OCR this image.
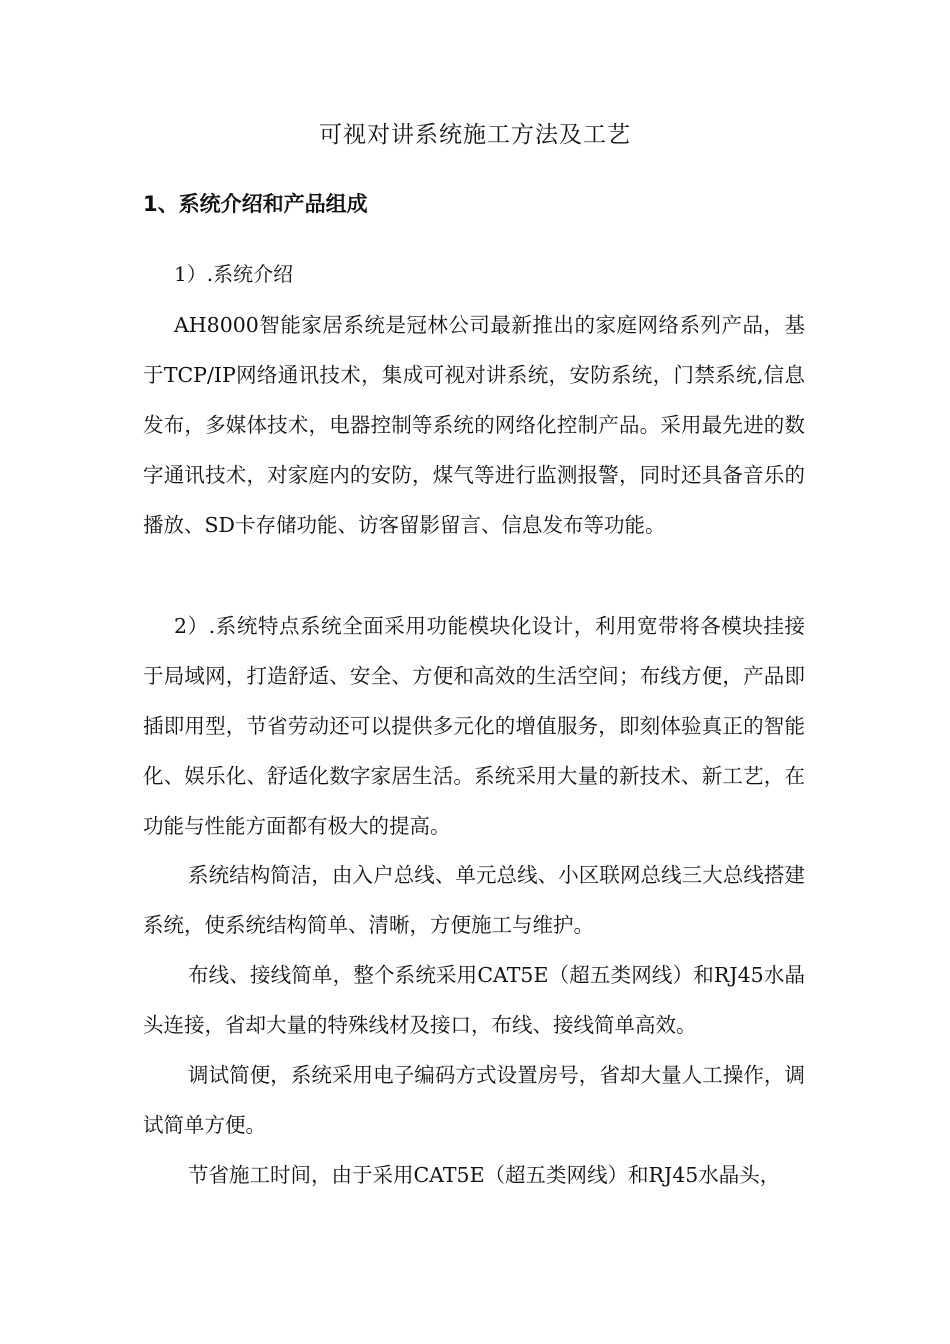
可视对讲系统施工方法及工艺
1、系统介绍和产品组成
1）.系统介绍

AH8000智能家居系统是冠林公司最新推出的家庭网络系列产品，基于TCP/IP网络通讯技术，集成可视对讲系统，安防系统，门禁系统,信息发布，多媒体技术，电器控制等系统的网络化控制产品。采用最先进的数字通讯技术，对家庭内的安防，煤气等进行监测报警，同时还具备音乐的播放、SD卡存储功能、访客留影留言、信息发布等功能。

2）.系统特点系统全面采用功能模块化设计，利用宽带将各模块挂接于局域网，打造舒适、安全、方便和高效的生活空间；布线方便，产品即插即用型，节省劳动还可以提供多元化的增值服务，即刻体验真正的智能化、娱乐化、舒适化数字家居生活。系统采用大量的新技术、新工艺，在功能与性能方面都有极大的提高。

系统结构简洁，由入户总线、单元总线、小区联网总线三大总线搭建系统，使系统结构简单、清晰，方便施工与维护。

布线、接线简单，整个系统采用CAT5E（超五类网线）和RJ45水晶头连接，省却大量的特殊线材及接口，布线、接线简单高效。

调试简便，系统采用电子编码方式设置房号，省却大量人工操作，调试简单方便。

节省施工时间，由于采用CAT5E（超五类网线）和RJ45水晶头，
